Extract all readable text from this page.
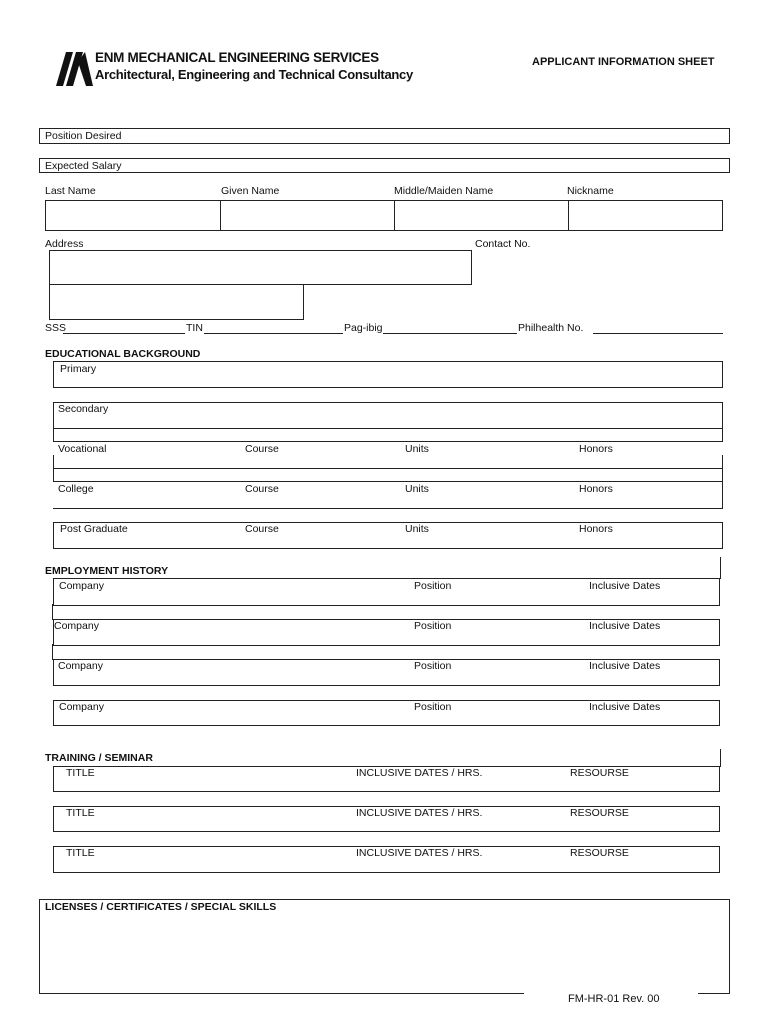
ENM MECHANICAL ENGINEERING SERVICES
Architectural, Engineering and Technical Consultancy
APPLICANT INFORMATION SHEET
Position Desired
Expected Salary
Last Name	Given Name	Middle/Maiden Name	Nickname
Address	Contact No.
SSS	TIN	Pag-ibig	Philhealth No.
EDUCATIONAL BACKGROUND
Primary
Secondary
Vocational	Course	Units	Honors
College	Course	Units	Honors
Post Graduate	Course	Units	Honors
EMPLOYMENT HISTORY
Company	Position	Inclusive Dates
Company	Position	Inclusive Dates
Company	Position	Inclusive Dates
Company	Position	Inclusive Dates
TRAINING / SEMINAR
TITLE	INCLUSIVE DATES / HRS.	RESOURSE
TITLE	INCLUSIVE DATES / HRS.	RESOURSE
TITLE	INCLUSIVE DATES / HRS.	RESOURSE
LICENSES / CERTIFICATES / SPECIAL SKILLS
FM-HR-01 Rev. 00
